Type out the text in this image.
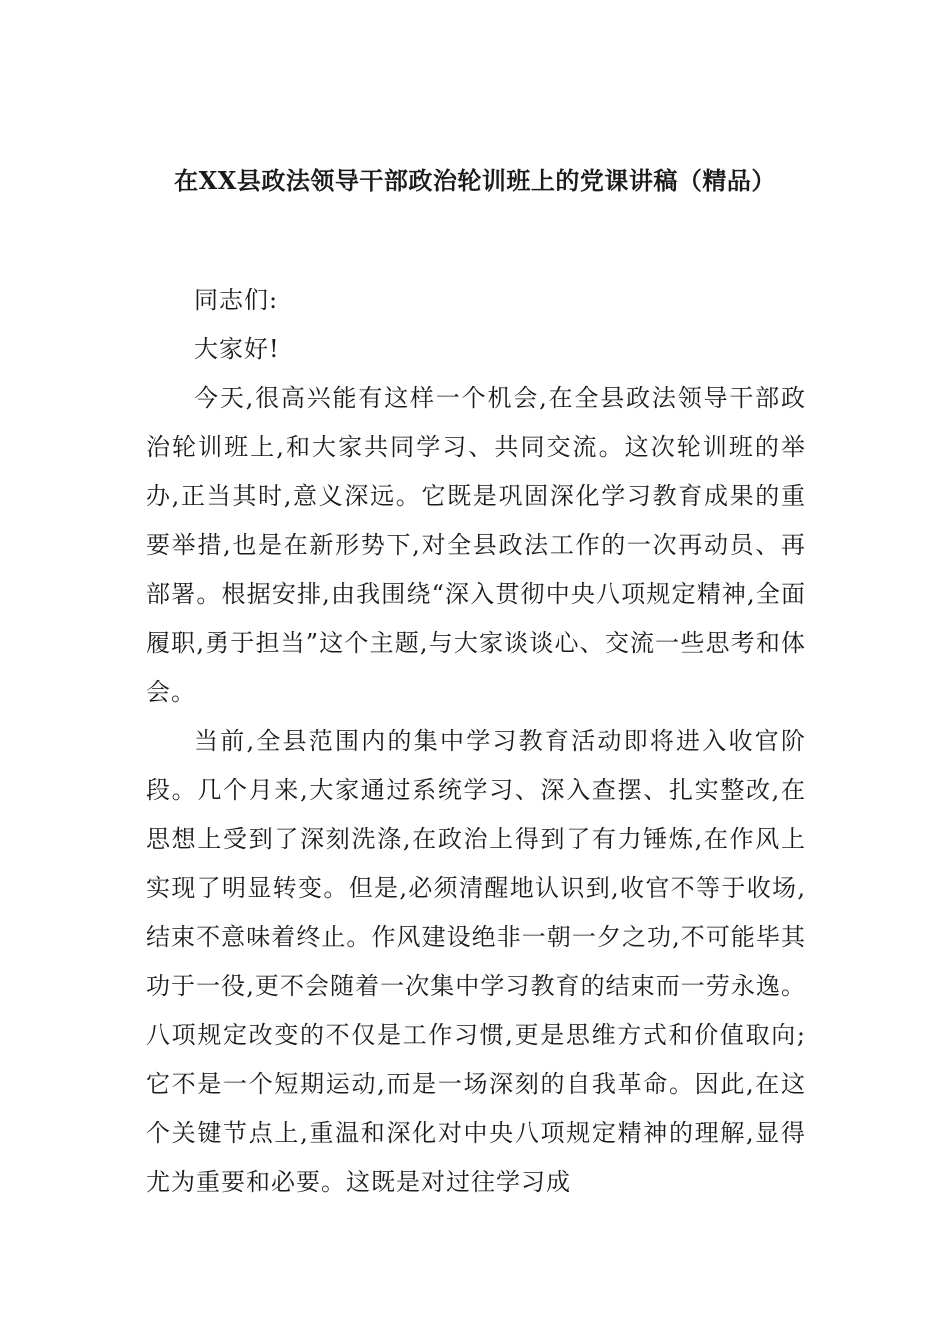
在XX县政法领导干部政治轮训班上的党课讲稿（精品）

同志们:

大家好!

今天,很高兴能有这样一个机会,在全县政法领导干部政治轮训班上,和大家共同学习、共同交流。这次轮训班的举办,正当其时,意义深远。它既是巩固深化学习教育成果的重要举措,也是在新形势下,对全县政法工作的一次再动员、再部署。根据安排,由我围绕“深入贯彻中央八项规定精神,全面履职,勇于担当”这个主题,与大家谈谈心、交流一些思考和体会。

当前,全县范围内的集中学习教育活动即将进入收官阶段。几个月来,大家通过系统学习、深入查摆、扎实整改,在思想上受到了深刻洗涤,在政治上得到了有力锤炼,在作风上实现了明显转变。但是,必须清醒地认识到,收官不等于收场,结束不意味着终止。作风建设绝非一朝一夕之功,不可能毕其功于一役,更不会随着一次集中学习教育的结束而一劳永逸。八项规定改变的不仅是工作习惯,更是思维方式和价值取向;它不是一个短期运动,而是一场深刻的自我革命。因此,在这个关键节点上,重温和深化对中央八项规定精神的理解,显得尤为重要和必要。这既是对过往学习成
